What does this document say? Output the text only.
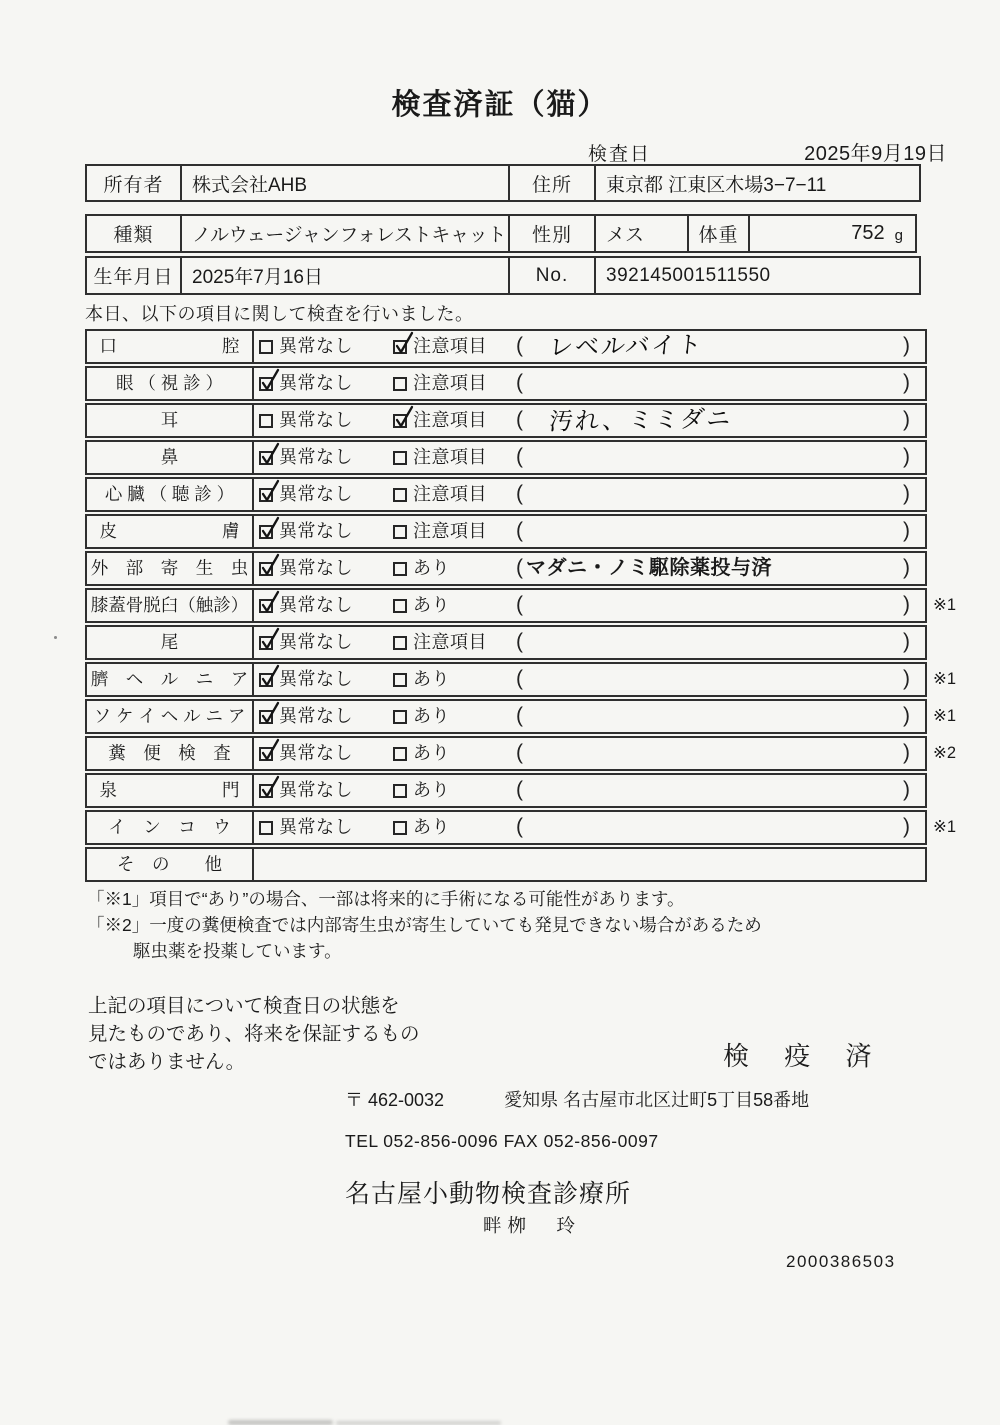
検査済証（猫）
検査日	2025年9月19日
所有者	株式会社AHB	住所	東京都 江東区木場3−7−11
種類	ノルウェージャンフォレストキャット	性別	メス	体重	752 g
生年月日 2025年7月16日	No.	392145001511550
本日、以下の項目に関して検査を行いました。
口　　　　　　腔	異常なし	注意項目 ( レベルバイト	)
眼 （ 視 診 ）	異常なし	注意項目 (	)
耳	異常なし	注意項目 ( 汚れ、ミミダニ	)
鼻	異常なし	注意項目 (	)
心 臓 （ 聴 診 ）	異常なし	注意項目 (	)
皮　　　　　　膚	異常なし	注意項目 (	)
外　部　寄　生　虫	異常なし	あり	( マダニ・ノミ駆除薬投与済	)
膝蓋骨脱臼（触診）	異常なし	あり	(	) ※1
尾	異常なし	注意項目 (	)
臍　ヘ　ル　ニ　ア	異常なし	あり	(	) ※1
ソ ケ イ ヘ ル ニ ア	異常なし	あり	(	) ※1
糞　便　検　査	異常なし	あり	(	) ※2
泉　　　　　　門	異常なし	あり	(	)
イ　ン　コ　ウ	異常なし	あり	(	) ※1
そ　の　　他
「※1」項目で“あり”の場合、一部は将来的に手術になる可能性があります。
「※2」一度の糞便検査では内部寄生虫が寄生していても発見できない場合があるため
駆虫薬を投薬しています。
上記の項目について検査日の状態を
見たものであり、将来を保証するもの
ではありません。	検 疫 済
〒 462-0032	愛知県 名古屋市北区辻町5丁目58番地
TEL 052-856-0096 FAX 052-856-0097
名古屋小動物検査診療所
畔栁　玲
2000386503
